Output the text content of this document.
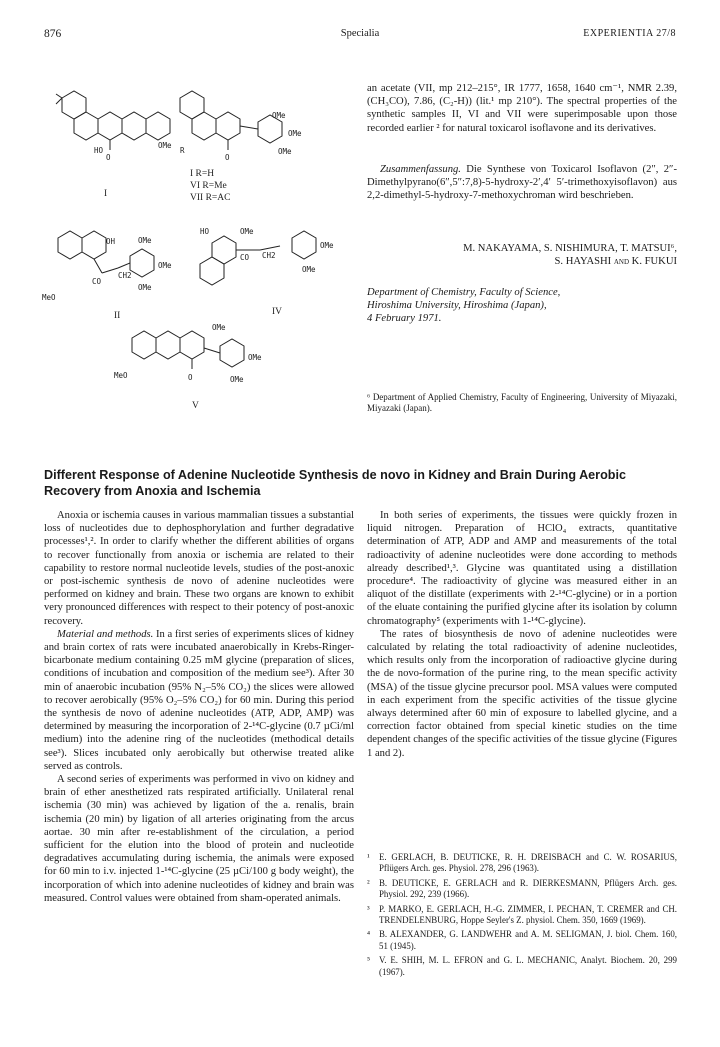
876	Specialia	EXPERIENTIA 27/8
HO
O
OMe
I
R
O
OMe
OMe
OMe
I R=H
VI R=Me
VII R=AC
OH
MeO
CO
CH2
OMe
OMe
OMe
II
HO
CO CH2
OMe
OMe
OMe
IV
MeO	O
OMe
OMe
OMe
V

an acetate (VII, mp 212–215°, IR 1777, 1658, 1640 cm⁻¹, NMR 2.39, (CH₃CO), 7.86, (C₂-H)) (lit.¹ mp 210°). The spectral properties of the synthetic samples II, VI and VII were superimposable upon those recorded earlier ² for natural toxicarol isoflavone and its derivatives.

Zusammenfassung. Die Synthese von Toxicarol Isoflavon (2″, 2″-Dimethylpyrano(6″,5″:7,8)-5-hydroxy-2′,4′ 5′-trimethoxyisoflavon) aus 2,2-dimethyl-5-hydroxy-7-methoxychroman wird beschrieben.

M. NAKAYAMA, S. NISHIMURA, T. MATSUI⁶,
S. HAYASHI and K. FUKUI
Department of Chemistry, Faculty of Science,
Hiroshima University, Hiroshima (Japan),
4 February 1971.

⁶ Department of Applied Chemistry, Faculty of Engineering, University of Miyazaki, Miyazaki (Japan).

Different Response of Adenine Nucleotide Synthesis de novo in Kidney and Brain During Aerobic Recovery from Anoxia and Ischemia

Anoxia or ischemia causes in various mammalian tissues a substantial loss of nucleotides due to dephosphorylation and further degradative processes¹,². In order to clarify whether the different abilities of organs to recover functionally from anoxia or ischemia are related to their capability to restore normal nucleotide levels, studies of the post-anoxic or post-ischemic synthesis de novo of adenine nucleotides were performed on kidney and brain. These two organs are known to exhibit very pronounced differences with respect to their potency of post-anoxic recovery.

Material and methods. In a first series of experiments slices of kidney and brain cortex of rats were incubated anaerobically in Krebs-Ringer-bicarbonate medium containing 0.25 mM glycine (preparation of slices, conditions of incubation and composition of the medium see³). After 30 min of anaerobic incubation (95% N₂–5% CO₂) the slices were allowed to recover aerobically (95% O₂–5% CO₂) for 60 min. During this period the synthesis de novo of adenine nucleotides (ATP, ADP, AMP) was determined by measuring the incorporation of 2-¹⁴C-glycine (0.7 µCi/ml medium) into the adenine ring of the nucleotides (methodical details see³). Slices incubated only aerobically but otherwise treated alike served as controls.

A second series of experiments was performed in vivo on kidney and brain of ether anesthetized rats respirated artificially. Unilateral renal ischemia (30 min) was achieved by ligation of the a. renalis, brain ischemia (20 min) by ligation of all arteries originating from the arcus aortae. 30 min after re-establishment of the circulation, a period sufficient for the elution into the blood of protein and nucleotide degradatives accumulating during ischemia, the animals were exposed for 60 min to i.v. injected 1-¹⁴C-glycine (25 µCi/100 g body weight), the incorporation of which into adenine nucleotides of kidney and brain was measured. Control values were obtained from sham-operated animals.

In both series of experiments, the tissues were quickly frozen in liquid nitrogen. Preparation of HClO₄ extracts, quantitative determination of ATP, ADP and AMP and measurements of the total radioactivity of adenine nucleotides were done according to methods already described¹,³. Glycine was quantitated using a distillation procedure⁴. The radioactivity of glycine was measured either in an aliquot of the distillate (experiments with 2-¹⁴C-glycine) or in a portion of the eluate containing the purified glycine after its isolation by column chromatography⁵ (experiments with 1-¹⁴C-glycine).

The rates of biosynthesis de novo of adenine nucleotides were calculated by relating the total radioactivity of adenine nucleotides, which results only from the incorporation of radioactive glycine during the de novo-formation of the purine ring, to the mean specific activity (MSA) of the tissue glycine precursor pool. MSA values were computed in each experiment from the specific activities of the tissue glycine always determined after 60 min of exposure to labelled glycine, and a correction factor obtained from special kinetic studies on the time dependent changes of the specific activities of the tissue glycine (Figures 1 and 2).

¹ E. GERLACH, B. DEUTICKE, R. H. DREISBACH and C. W. ROSARIUS, Pflügers Arch. ges. Physiol. 278, 296 (1963).

² B. DEUTICKE, E. GERLACH and R. DIERKESMANN, Pflügers Arch. ges. Physiol. 292, 239 (1966).

³ P. MARKO, E. GERLACH, H.-G. ZIMMER, I. PECHAN, T. CREMER and CH. TRENDELENBURG, Hoppe Seyler's Z. physiol. Chem. 350, 1669 (1969).

⁴ B. ALEXANDER, G. LANDWEHR and A. M. SELIGMAN, J. biol. Chem. 160, 51 (1945).

⁵ V. E. SHIH, M. L. EFRON and G. L. MECHANIC, Analyt. Biochem. 20, 299 (1967).
